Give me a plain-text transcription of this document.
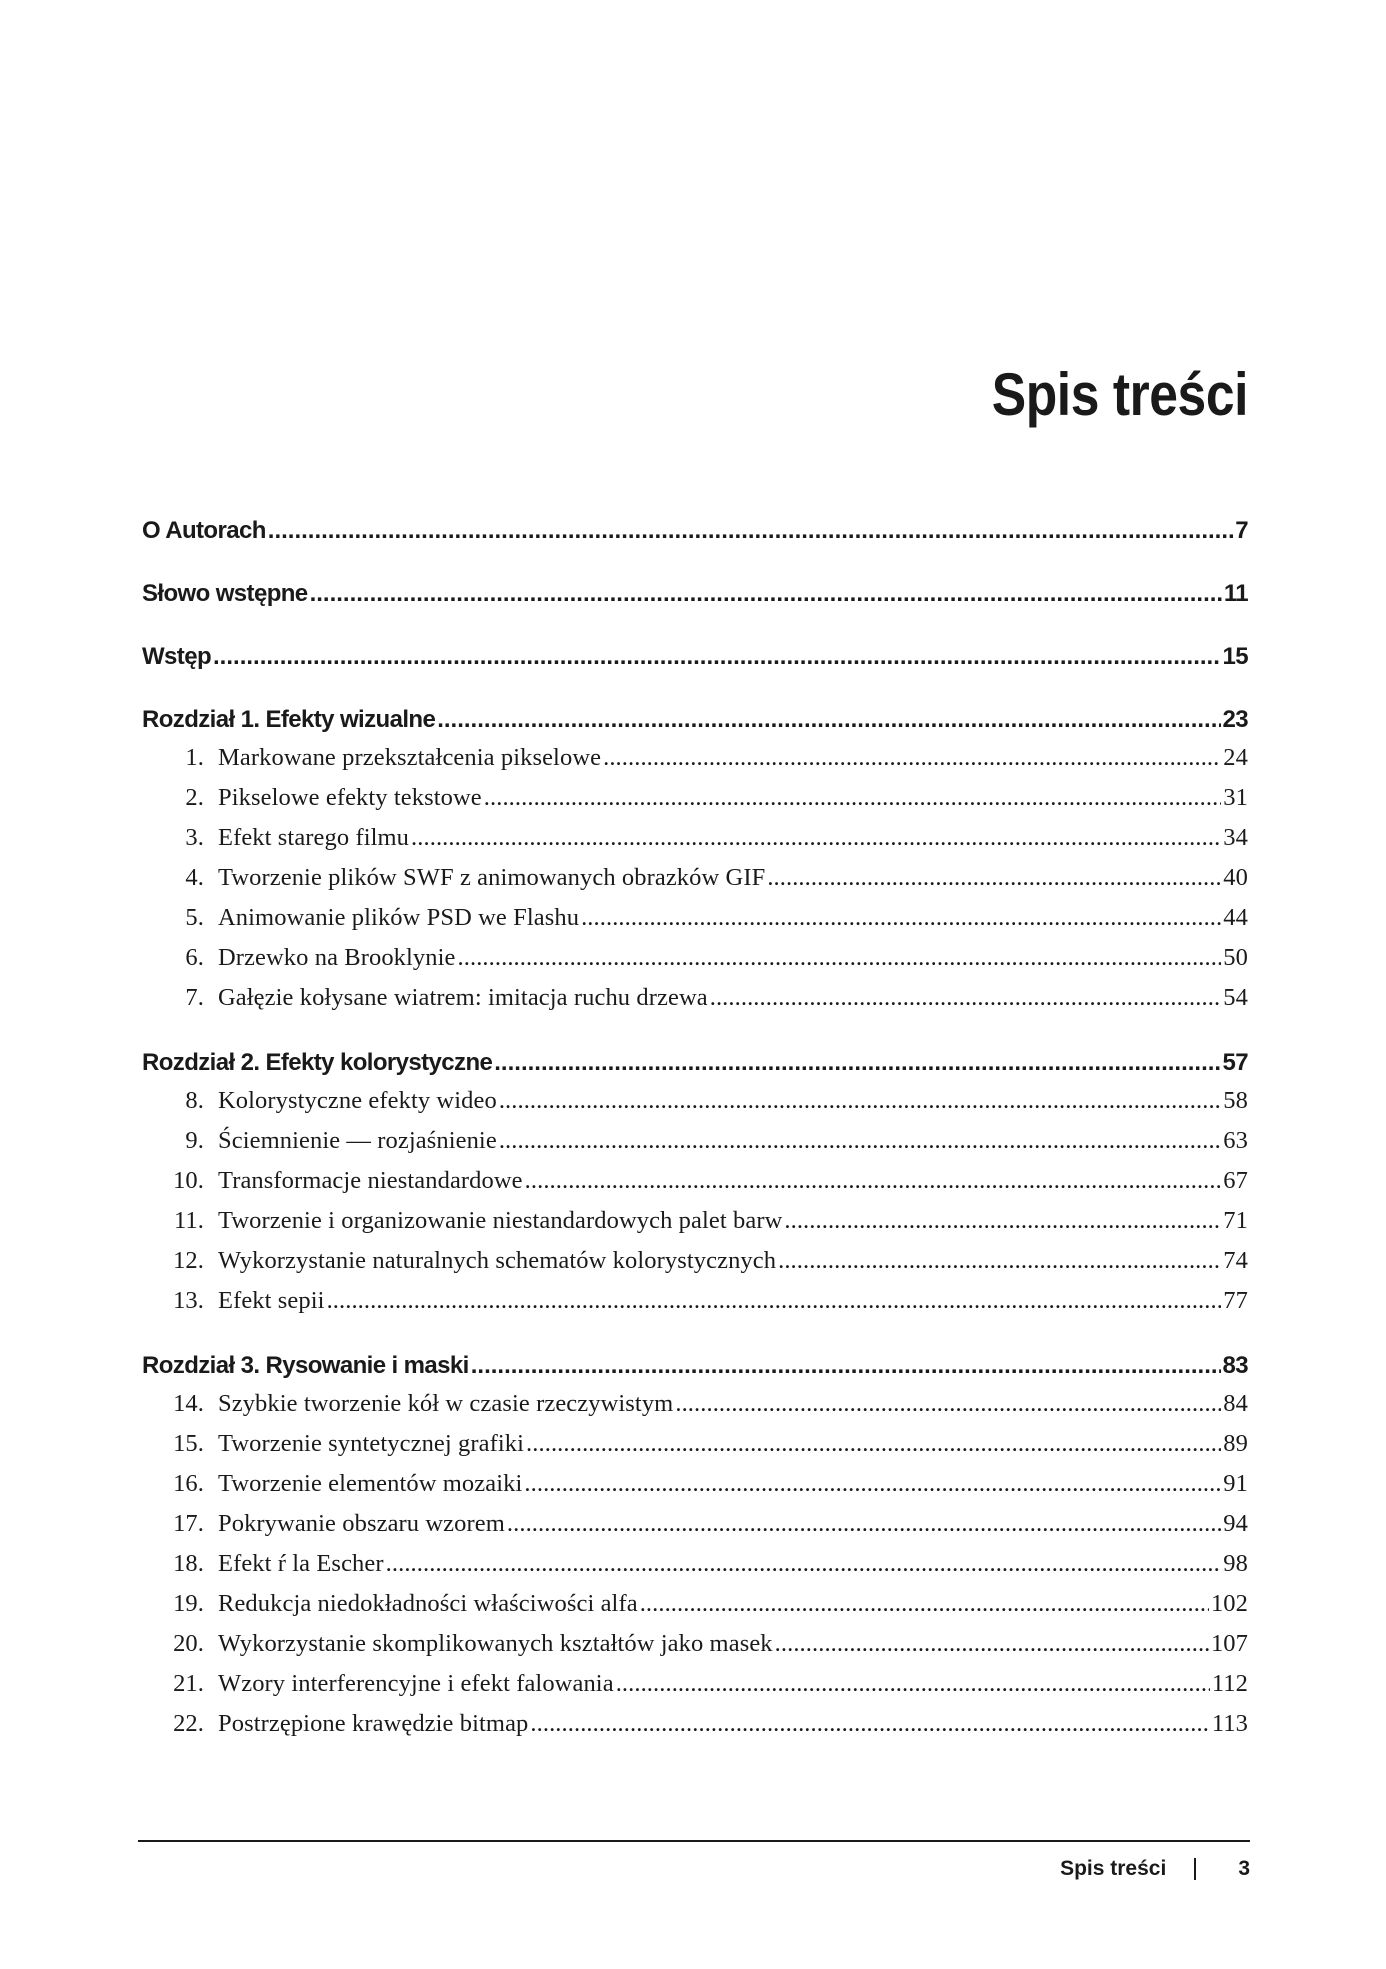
Spis treści
O Autorach .....	7
Słowo wstępne .....	11
Wstęp .....	15
Rozdział 1. Efekty wizualne .....	23
1. Markowane przekształcenia pikselowe .....	24
2. Pikselowe efekty tekstowe .....	31
3. Efekt starego filmu .....	34
4. Tworzenie plików SWF z animowanych obrazków GIF .....	40
5. Animowanie plików PSD we Flashu .....	44
6. Drzewko na Brooklynie .....	50
7. Gałęzie kołysane wiatrem: imitacja ruchu drzewa .....	54
Rozdział 2. Efekty kolorystyczne .....	57
8. Kolorystyczne efekty wideo .....	58
9. Ściemnienie — rozjaśnienie .....	63
10. Transformacje niestandardowe .....	67
11. Tworzenie i organizowanie niestandardowych palet barw .....	71
12. Wykorzystanie naturalnych schematów kolorystycznych .....	74
13. Efekt sepii .....	77
Rozdział 3. Rysowanie i maski .....	83
14. Szybkie tworzenie kół w czasie rzeczywistym .....	84
15. Tworzenie syntetycznej grafiki .....	89
16. Tworzenie elementów mozaiki .....	91
17. Pokrywanie obszaru wzorem .....	94
18. Efekt ŕ la Escher .....	98
19. Redukcja niedokładności właściwości alfa .....	102
20. Wykorzystanie skomplikowanych kształtów jako masek .....	107
21. Wzory interferencyjne i efekt falowania .....	112
22. Postrzępione krawędzie bitmap .....	113
Spis treści	3
